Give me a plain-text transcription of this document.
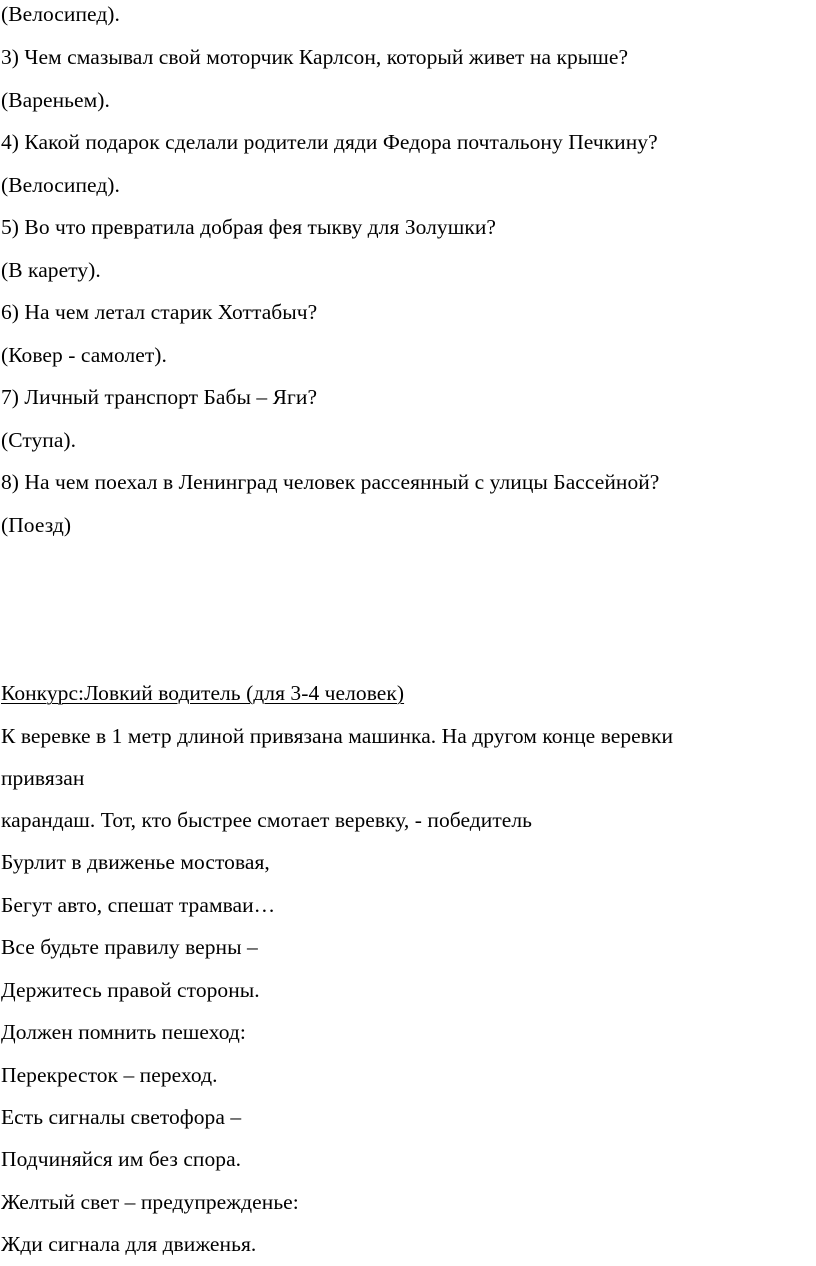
(Велосипед).
3) Чем смазывал свой моторчик Карлсон, который живет на крыше?
(Вареньем).
4) Какой подарок сделали родители дяди Федора почтальону Печкину?
(Велосипед).
5) Во что превратила добрая фея тыкву для Золушки?
(В карету).
6) На чем летал старик Хоттабыч?
(Ковер - самолет).
7) Личный транспорт Бабы – Яги?
(Ступа).
8) На чем поехал в Ленинград человек рассеянный с улицы Бассейной?
(Поезд)
Конкурс:Ловкий водитель (для 3-4 человек)
К веревке в 1 метр длиной привязана машинка. На другом конце веревки
привязан
карандаш. Тот, кто быстрее смотает веревку, - победитель
Бурлит в движенье мостовая,
Бегут авто, спешат трамваи…
Все будьте правилу верны –
Держитесь правой стороны.
Должен помнить пешеход:
Перекресток – переход.
Есть сигналы светофора –
Подчиняйся им без спора.
Желтый свет – предупрежденье:
Жди сигнала для движенья.
